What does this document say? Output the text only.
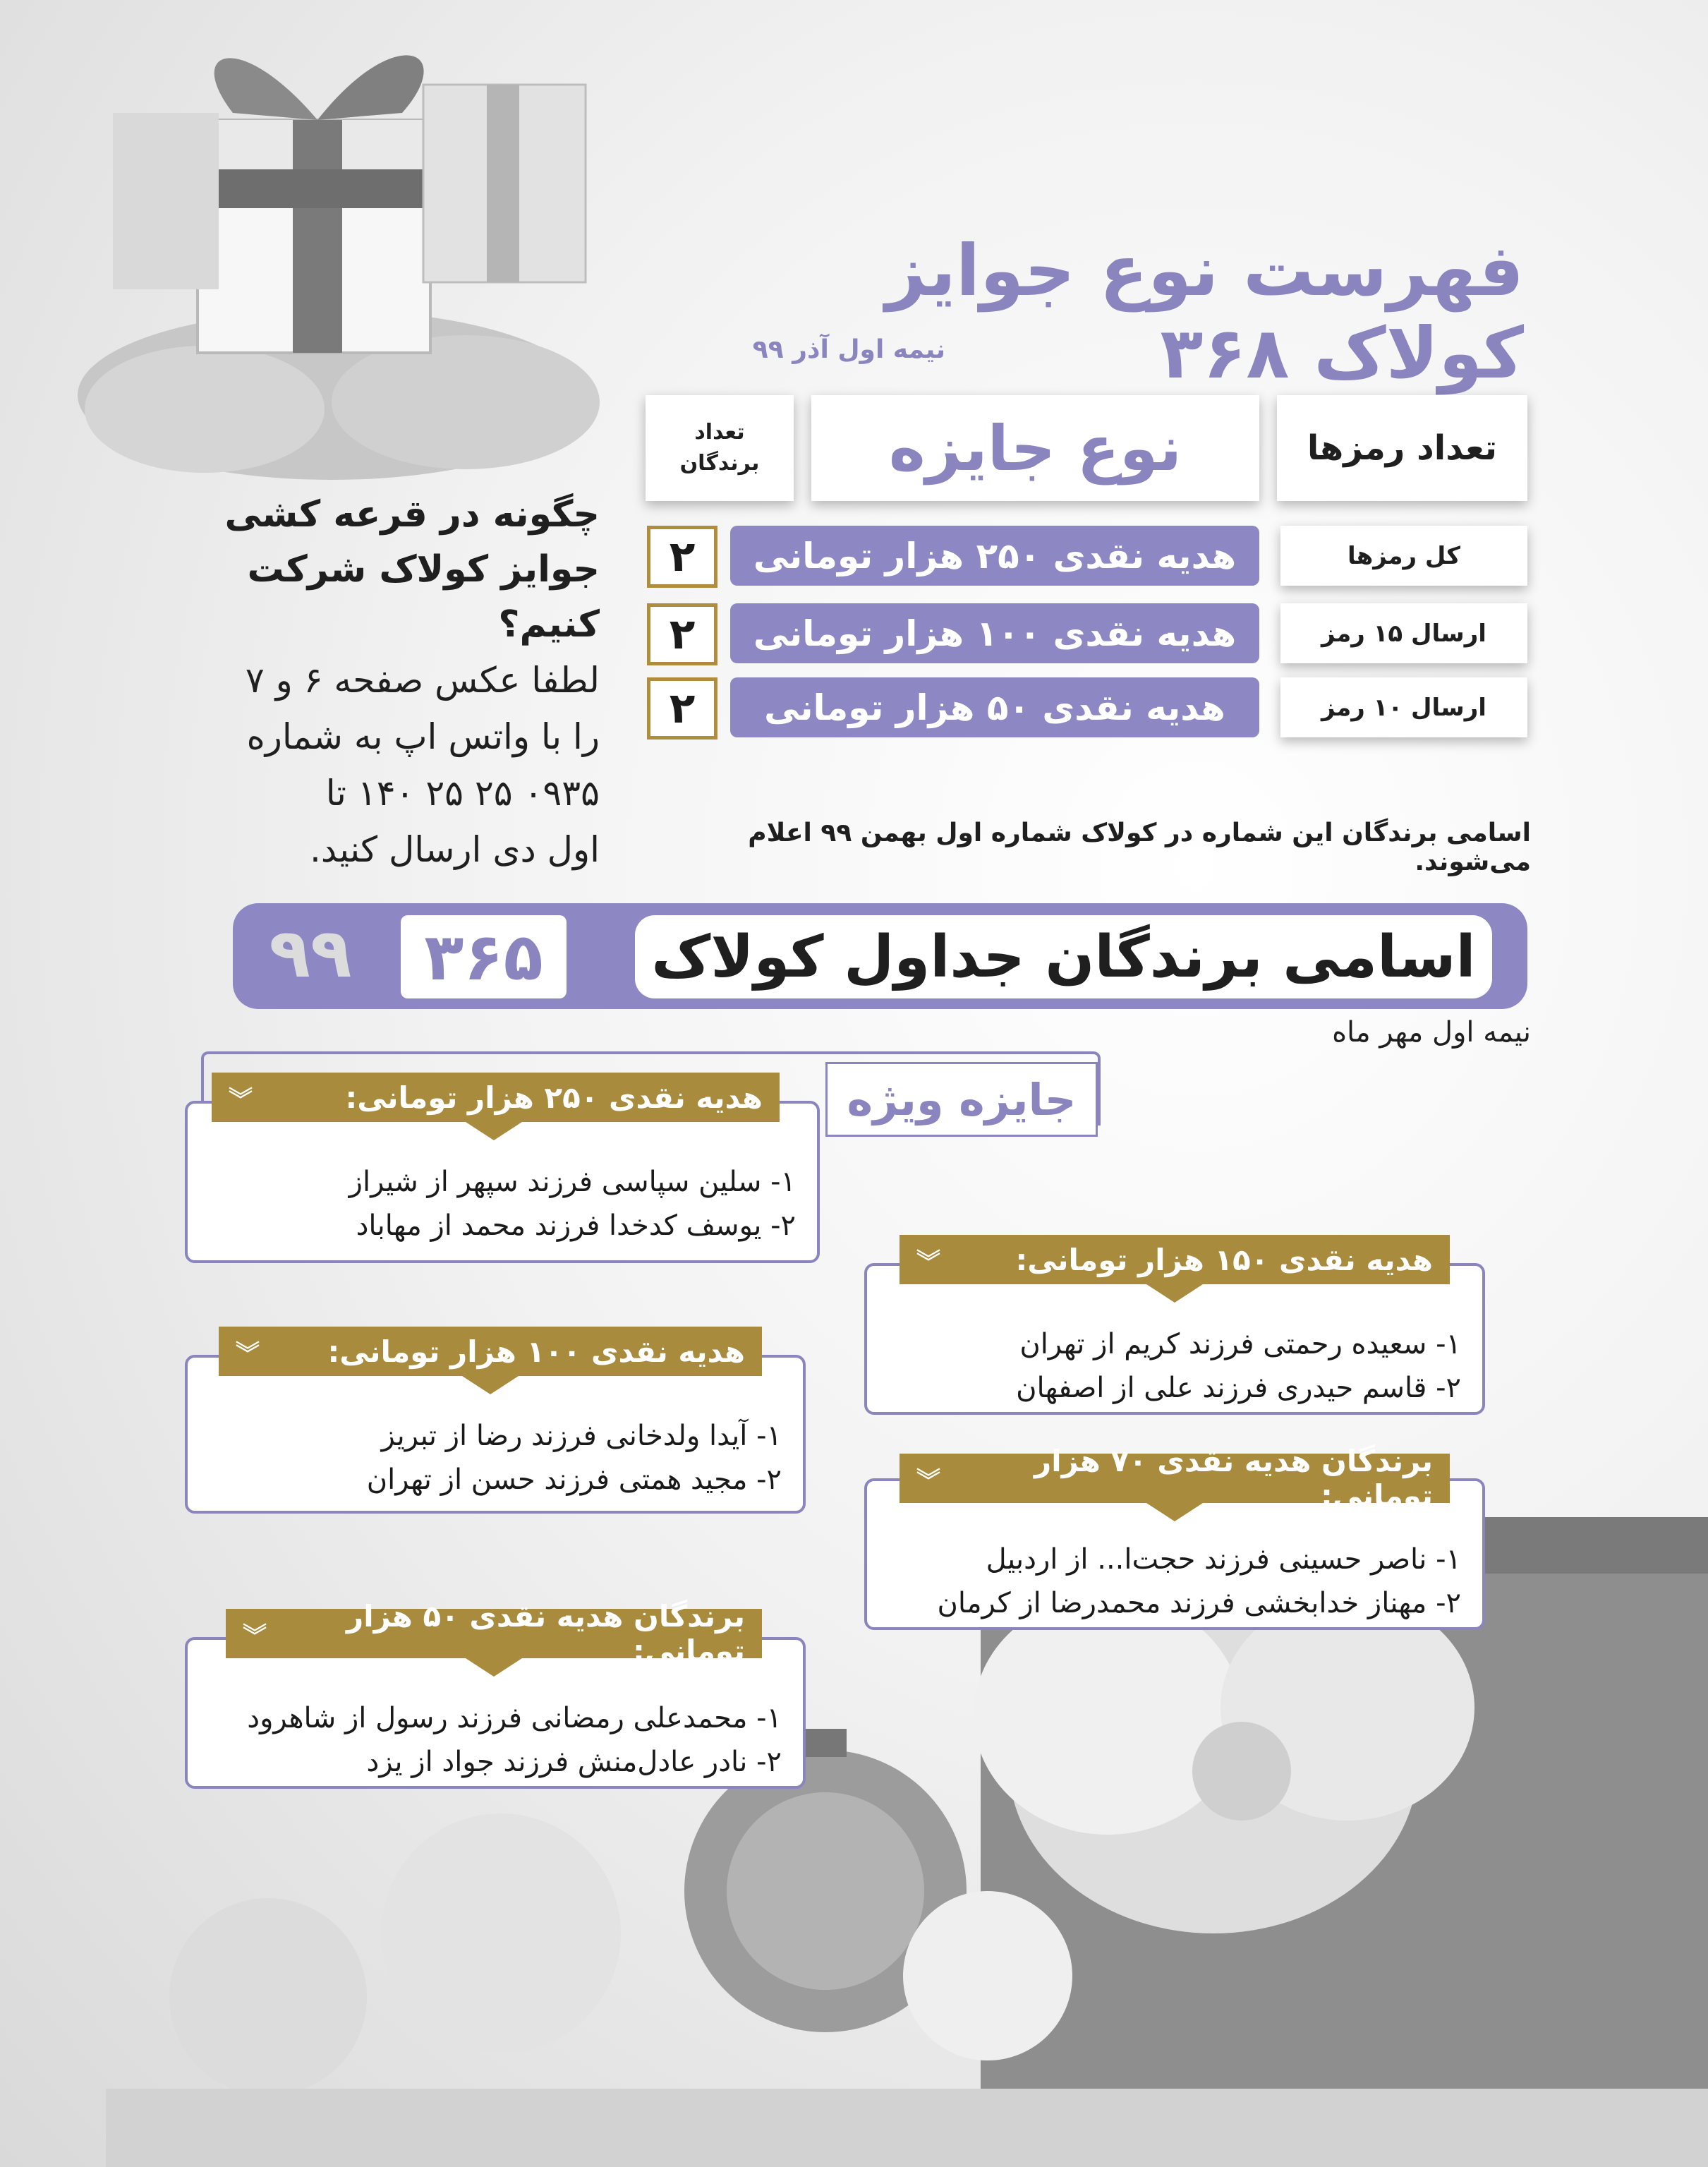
فهرست نوع جوایز کولاک ۳۶۸
نیمه اول آذر ۹۹
تعداد رمزها
نوع جایزه
تعداد برندگان
کل رمزها
هدیه نقدی ۲۵۰ هزار تومانی
۲
ارسال ۱۵ رمز
هدیه نقدی ۱۰۰ هزار تومانی
۲
ارسال ۱۰ رمز
هدیه نقدی ۵۰ هزار تومانی
۲
چگونه در قرعه کشی
جوایز کولاک شرکت کنیم؟
لطفا عکس صفحه ۶ و ۷
را با واتس اپ به شماره
۰۹۳۵ ۲۵ ۲۵ ۱۴۰ تا
اول دی ارسال کنید.	اسامی برندگان این شماره در کولاک شماره اول بهمن ۹۹ اعلام می‌شوند.
اسامی برندگان جداول کولاک
۳۶۵
۹۹
نیمه اول مهر ماه
جایزه ویژه
۱- سلین سپاسی فرزند سپهر از شیراز
۲- یوسف کدخدا فرزند محمد از مهاباد
هدیه نقدی ۲۵۰ هزار تومانی:
︾
۱- سعیده رحمتی فرزند کریم از تهران
۲- قاسم حیدری فرزند علی از اصفهان
هدیه نقدی ۱۵۰ هزار تومانی:
︾
۱- آیدا ولدخانی فرزند رضا از تبریز
۲- مجید همتی فرزند حسن از تهران
هدیه نقدی ۱۰۰ هزار تومانی:
︾
۱- ناصر حسینی فرزند حجت‌ا... از اردبیل
۲- مهناز خدابخشی فرزند محمدرضا از کرمان
برندگان هدیه نقدی ۷۰ هزار تومانی:
︾
۱- محمدعلی رمضانی فرزند رسول از شاهرود
۲- نادر عادل‌منش فرزند جواد از یزد
برندگان هدیه نقدی ۵۰ هزار تومانی:
︾
